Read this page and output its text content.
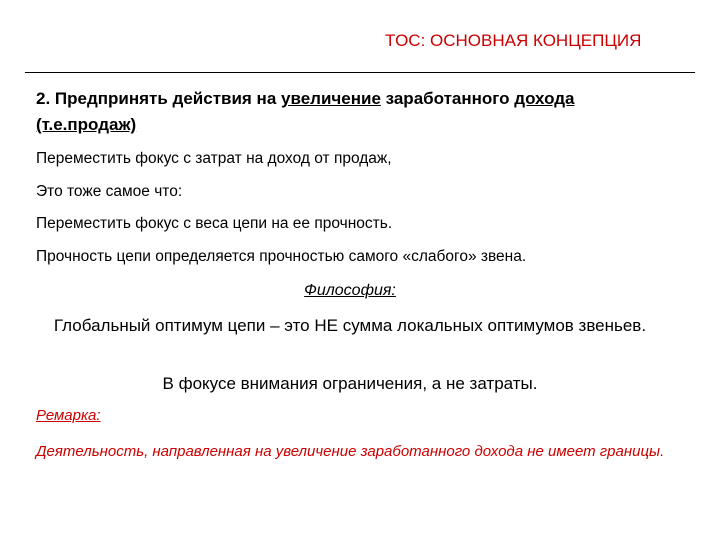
TOC: ОСНОВНАЯ КОНЦЕПЦИЯ
2. Предпринять действия на увеличение заработанного дохода (т.е.продаж)
Переместить фокус с затрат на доход от продаж,
Это тоже самое что:
Переместить фокус с веса цепи на ее прочность.
Прочность цепи определяется прочностью самого «слабого» звена.
Философия:
Глобальный оптимум цепи – это НЕ сумма локальных оптимумов звеньев.
В фокусе внимания ограничения, а не затраты.
Ремарка:
Деятельность, направленная на увеличение заработанного дохода не имеет границы.
